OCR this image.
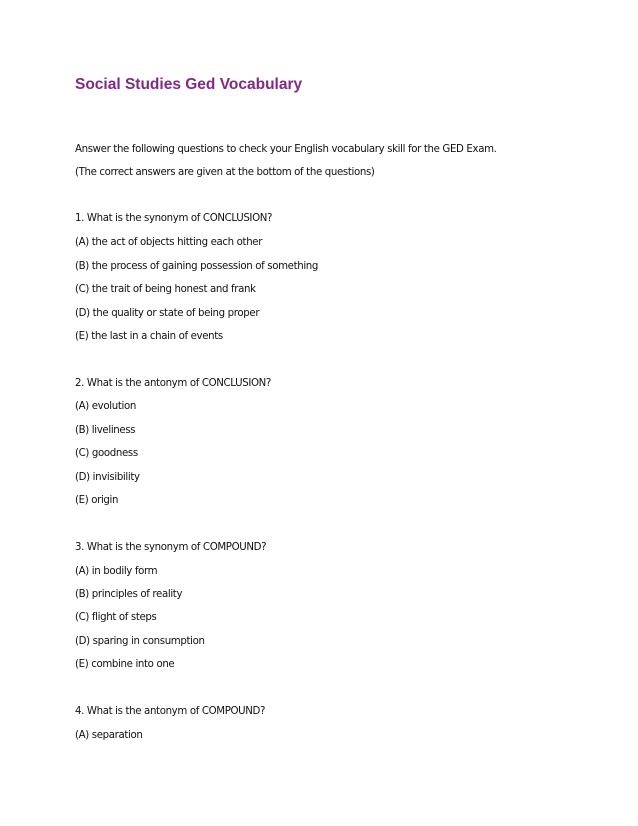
Social Studies Ged Vocabulary
Answer the following questions to check your English vocabulary skill for the GED Exam.
(The correct answers are given at the bottom of the questions)
1. What is the synonym of CONCLUSION?
(A) the act of objects hitting each other
(B) the process of gaining possession of something
(C) the trait of being honest and frank
(D) the quality or state of being proper
(E) the last in a chain of events
2. What is the antonym of CONCLUSION?
(A) evolution
(B) liveliness
(C) goodness
(D) invisibility
(E) origin
3. What is the synonym of COMPOUND?
(A) in bodily form
(B) principles of reality
(C) flight of steps
(D) sparing in consumption
(E) combine into one
4. What is the antonym of COMPOUND?
(A) separation
